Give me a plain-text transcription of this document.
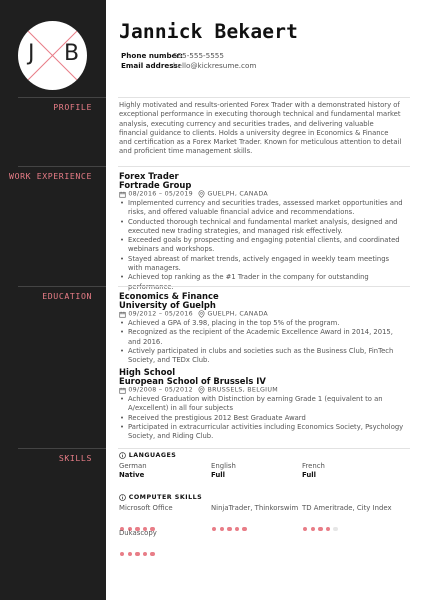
J B
PROFILE
WORK EXPERIENCE
EDUCATION
SKILLS
Jannick Bekaert
Phone number:555-555-5555
Email address:hello@kickresume.com

Highly motivated and results-oriented Forex Trader with a demonstrated history of exceptional performance in executing thorough technical and fundamental market analysis, executing currency and securities trades, and delivering valuable financial guidance to clients. Holds a university degree in Economics & Finance and certification as a Forex Market Trader. Known for meticulous attention to detail and proficient time management skills.

Forex Trader
Fortrade Group
08/2016 – 05/2019 GUELPH, CANADA
• Implemented currency and securities trades, assessed market opportunities and risks, and offered valuable financial advice and recommendations.
• Conducted thorough technical and fundamental market analysis, designed and executed new trading strategies, and managed risk effectively.
• Exceeded goals by prospecting and engaging potential clients, and coordinated webinars and workshops.
• Stayed abreast of market trends, actively engaged in weekly team meetings with managers.
• Achieved top ranking as the #1 Trader in the company for outstanding
Economics & Finance
University of Guelph
09/2012 – 05/2016 GUELPH, CANADA
• Achieved a GPA of 3.98, placing in the top 5% of the program.
• Recognized as the recipient of the Academic Excellence Award in 2014, 2015, and 2016.
• Actively participated in clubs and societies such as the Business Club, FinTech Society, and TEDx Club.
High School
European School of Brussels IV
09/2008 – 05/2012 BRUSSELS, BELGIUM
• Achieved Graduation with Distinction by earning Grade 1 (equivalent to an A/excellent) in all four subjects
• Received the prestigious 2012 Best Graduate Award
• Participated in extracurricular activities including Economics Society, Psychology Society, and Riding Club.
LANGUAGES
German
Native
English
Full
French
Full
COMPUTER SKILLS
Microsoft Office	NinjaTrader, Thinkorswim TD Ameritrade, City Index
Dukascopy
